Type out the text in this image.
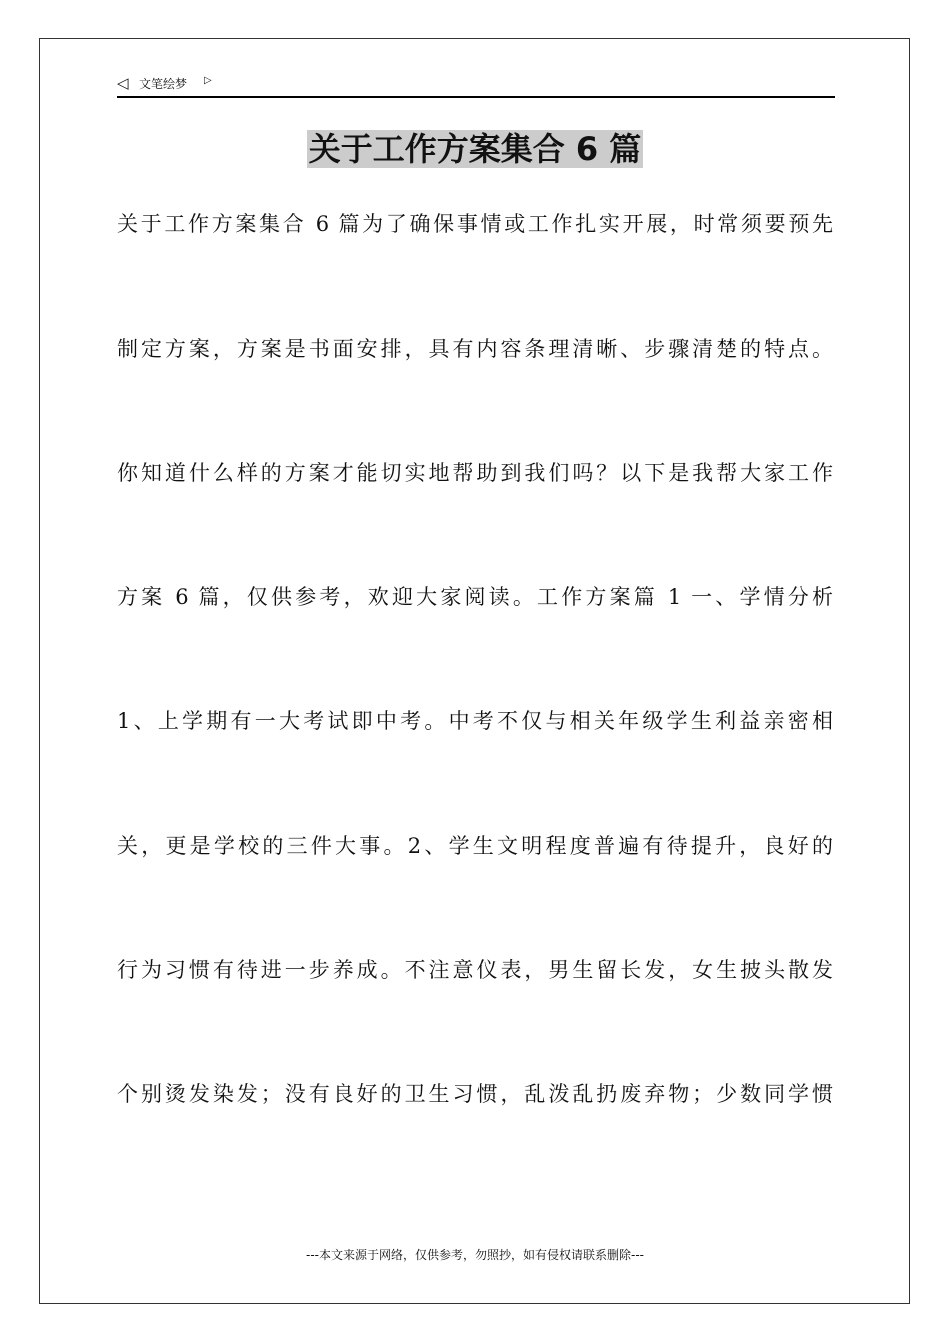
◁ 文笔绘梦 ▷
关于工作方案集合 6 篇
关于工作方案集合 6 篇为了确保事情或工作扎实开展，时常须要预先
制定方案，方案是书面安排，具有内容条理清晰、步骤清楚的特点。
你知道什么样的方案才能切实地帮助到我们吗？以下是我帮大家工作
方案 6 篇，仅供参考，欢迎大家阅读。工作方案篇 1 一、学情分析
1、上学期有一大考试即中考。中考不仅与相关年级学生利益亲密相
关，更是学校的三件大事。2、学生文明程度普遍有待提升，良好的
行为习惯有待进一步养成。不注意仪表，男生留长发，女生披头散发
个别烫发染发；没有良好的卫生习惯，乱泼乱扔废弃物；少数同学惯
---本文来源于网络，仅供参考，勿照抄，如有侵权请联系删除---
